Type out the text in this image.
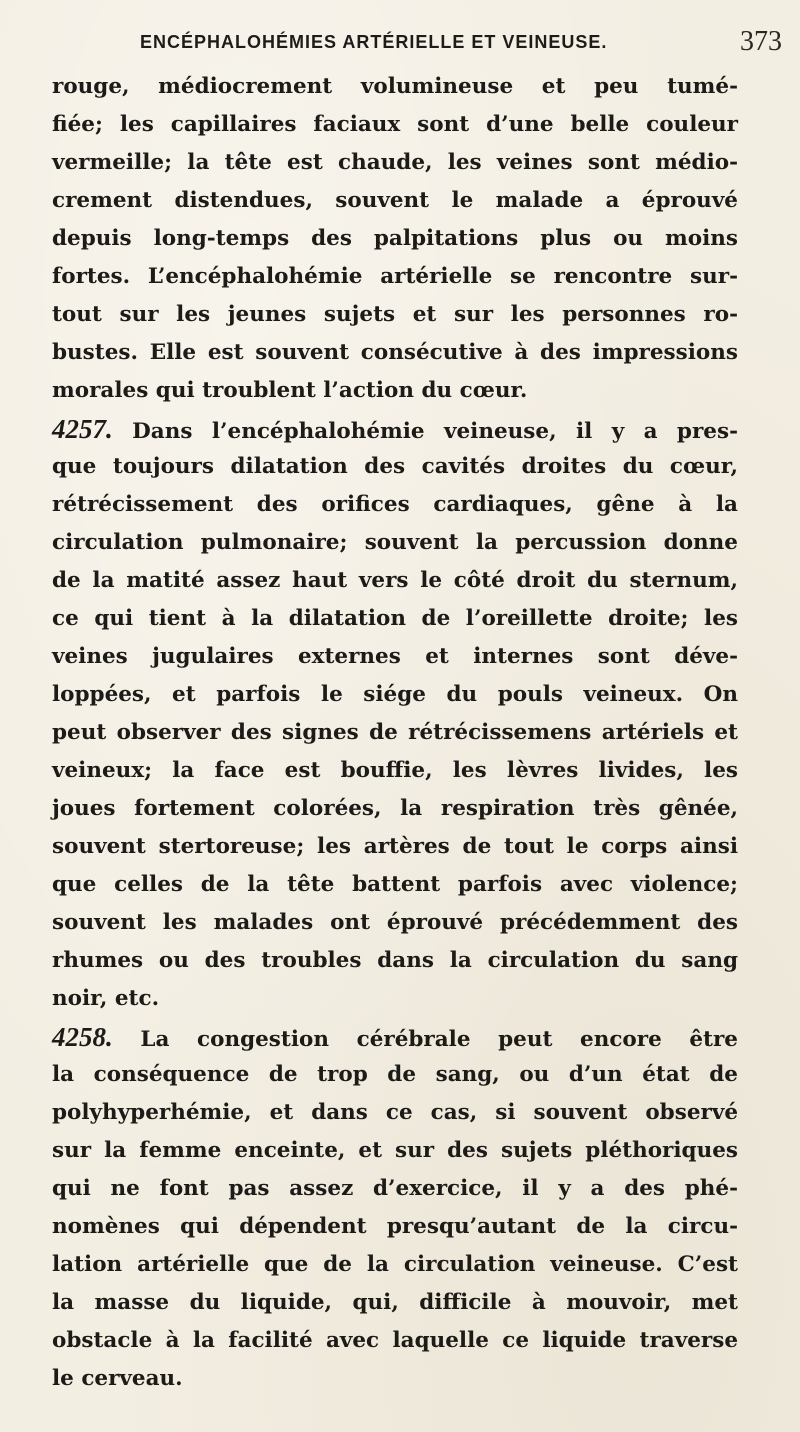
ENCÉPHALOHÉMIES ARTÉRIELLE ET VEINEUSE.	373
rouge, médiocrement volumineuse et peu tumé-
fiée; les capillaires faciaux sont d’une belle couleur
vermeille; la tête est chaude, les veines sont médio-
crement distendues, souvent le malade a éprouvé
depuis long-temps des palpitations plus ou moins
fortes. L’encéphalohémie artérielle se rencontre sur-
tout sur les jeunes sujets et sur les personnes ro-
bustes. Elle est souvent consécutive à des impressions
morales qui troublent l’action du cœur.
4257. Dans l’encéphalohémie veineuse, il y a pres-
que toujours dilatation des cavités droites du cœur,
rétrécissement des orifices cardiaques, gêne à la
circulation pulmonaire; souvent la percussion donne
de la matité assez haut vers le côté droit du sternum,
ce qui tient à la dilatation de l’oreillette droite; les
veines jugulaires externes et internes sont déve-
loppées, et parfois le siége du pouls veineux. On
peut observer des signes de rétrécissemens artériels et
veineux; la face est bouffie, les lèvres livides, les
joues fortement colorées, la respiration très gênée,
souvent stertoreuse; les artères de tout le corps ainsi
que celles de la tête battent parfois avec violence;
souvent les malades ont éprouvé précédemment des
rhumes ou des troubles dans la circulation du sang
noir, etc.
4258. La congestion cérébrale peut encore être
la conséquence de trop de sang, ou d’un état de
polyhyperhémie, et dans ce cas, si souvent observé
sur la femme enceinte, et sur des sujets pléthoriques
qui ne font pas assez d’exercice, il y a des phé-
nomènes qui dépendent presqu’autant de la circu-
lation artérielle que de la circulation veineuse. C’est
la masse du liquide, qui, difficile à mouvoir, met
obstacle à la facilité avec laquelle ce liquide traverse
le cerveau.
